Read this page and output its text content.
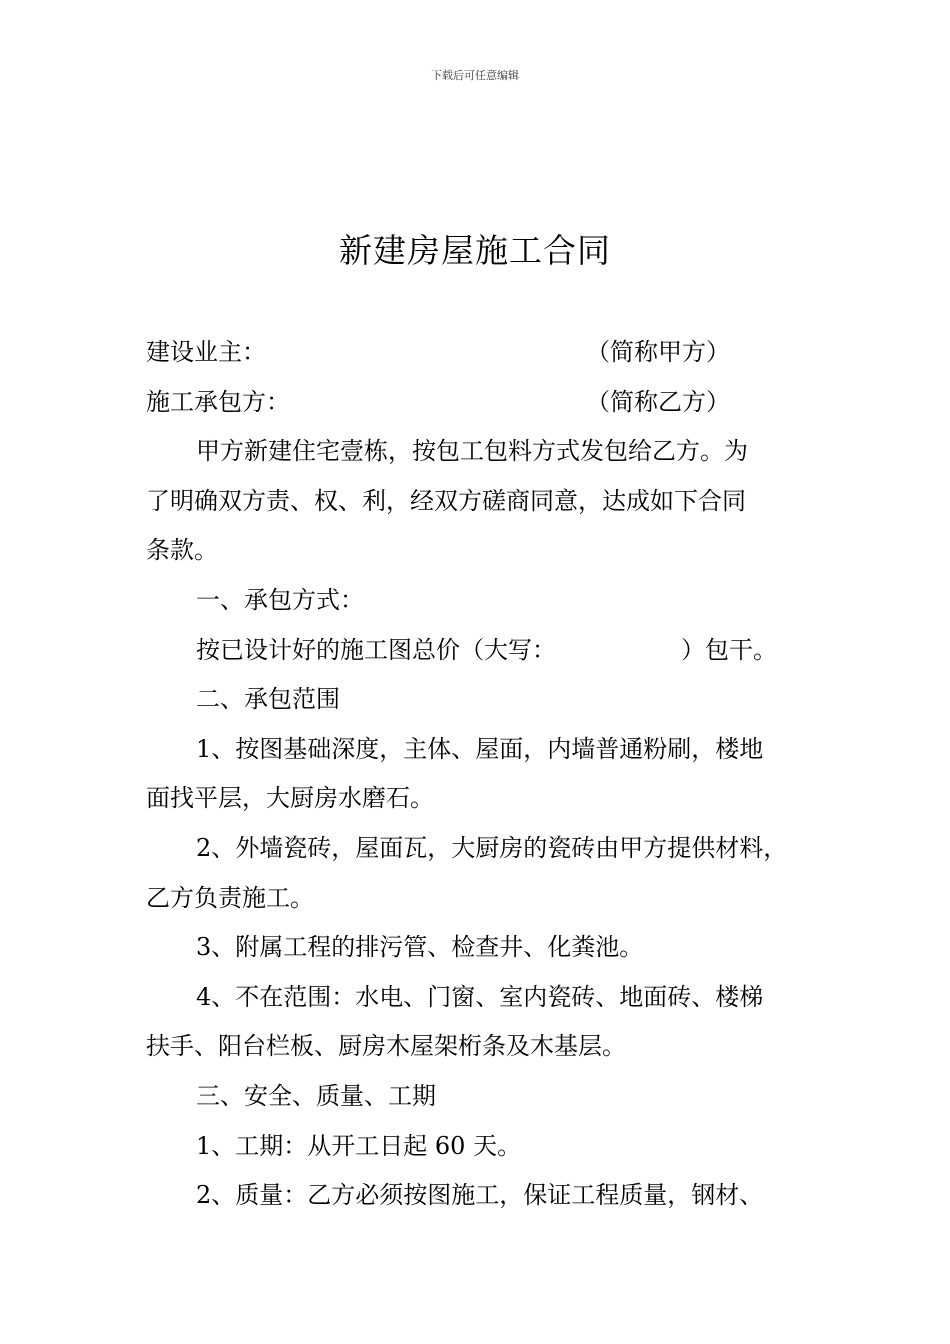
下载后可任意编辑
新建房屋施工合同
建设业主：	（简称甲方）
施工承包方：	（简称乙方）
甲方新建住宅壹栋，按包工包料方式发包给乙方。为
了明确双方责、权、利，经双方磋商同意，达成如下合同
条款。
一、承包方式：
按已设计好的施工图总价（大写：	）包干。
二、承包范围
1、按图基础深度，主体、屋面，内墙普通粉刷，楼地
面找平层，大厨房水磨石。
2、外墙瓷砖，屋面瓦，大厨房的瓷砖由甲方提供材料，
乙方负责施工。
3、附属工程的排污管、检查井、化粪池。
4、不在范围：水电、门窗、室内瓷砖、地面砖、楼梯
扶手、阳台栏板、厨房木屋架桁条及木基层。
三、安全、质量、工期
1、工期：从开工日起 60 天。
2、质量：乙方必须按图施工，保证工程质量，钢材、
